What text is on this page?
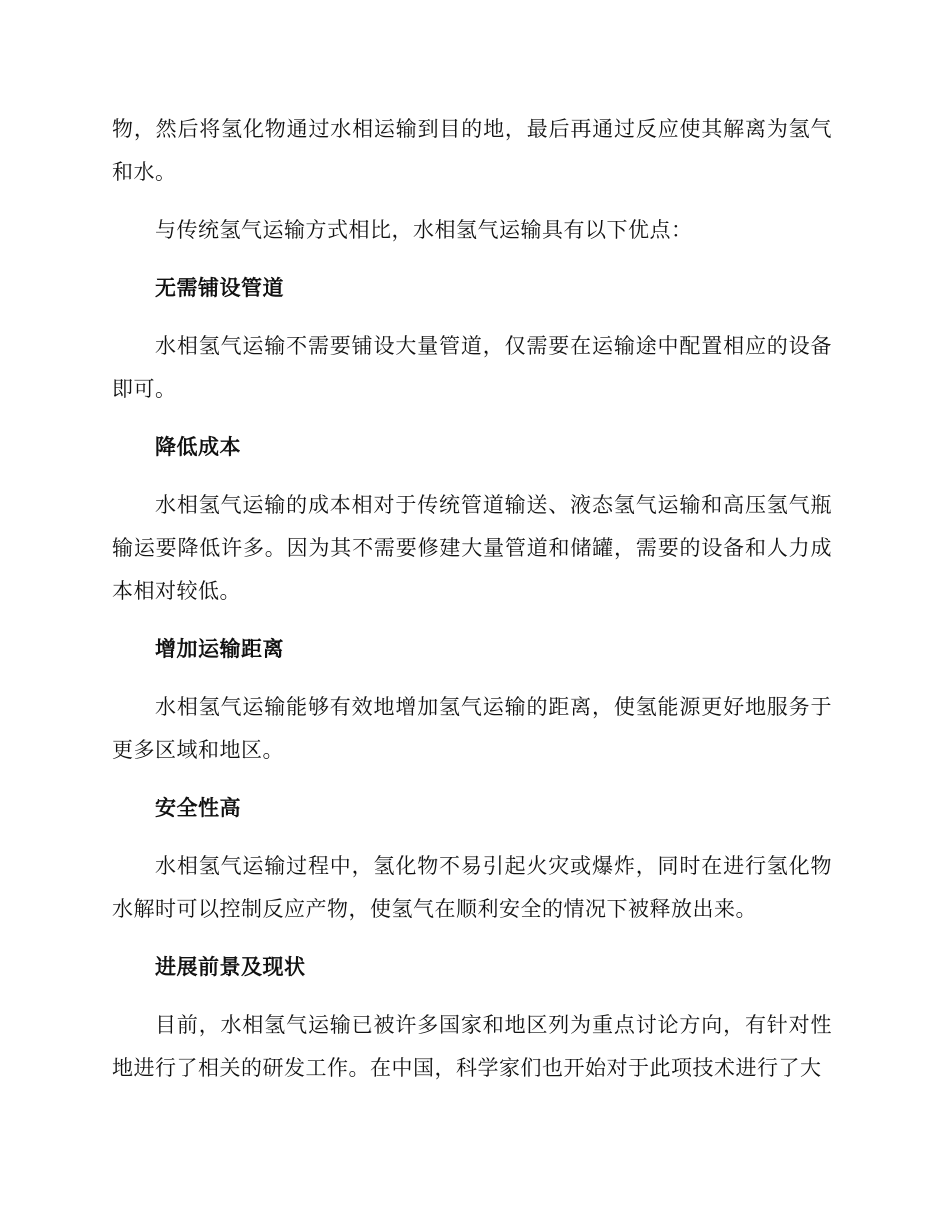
物，然后将氢化物通过水相运输到目的地，最后再通过反应使其解离为氢气和水。

与传统氢气运输方式相比，水相氢气运输具有以下优点：

无需铺设管道

水相氢气运输不需要铺设大量管道，仅需要在运输途中配置相应的设备即可。

降低成本

水相氢气运输的成本相对于传统管道输送、液态氢气运输和高压氢气瓶输运要降低许多。因为其不需要修建大量管道和储罐，需要的设备和人力成本相对较低。

增加运输距离

水相氢气运输能够有效地增加氢气运输的距离，使氢能源更好地服务于更多区域和地区。

安全性高

水相氢气运输过程中，氢化物不易引起火灾或爆炸，同时在进行氢化物水解时可以控制反应产物，使氢气在顺利安全的情况下被释放出来。

进展前景及现状

目前，水相氢气运输已被许多国家和地区列为重点讨论方向，有针对性地进行了相关的研发工作。在中国，科学家们也开始对于此项技术进行了大
